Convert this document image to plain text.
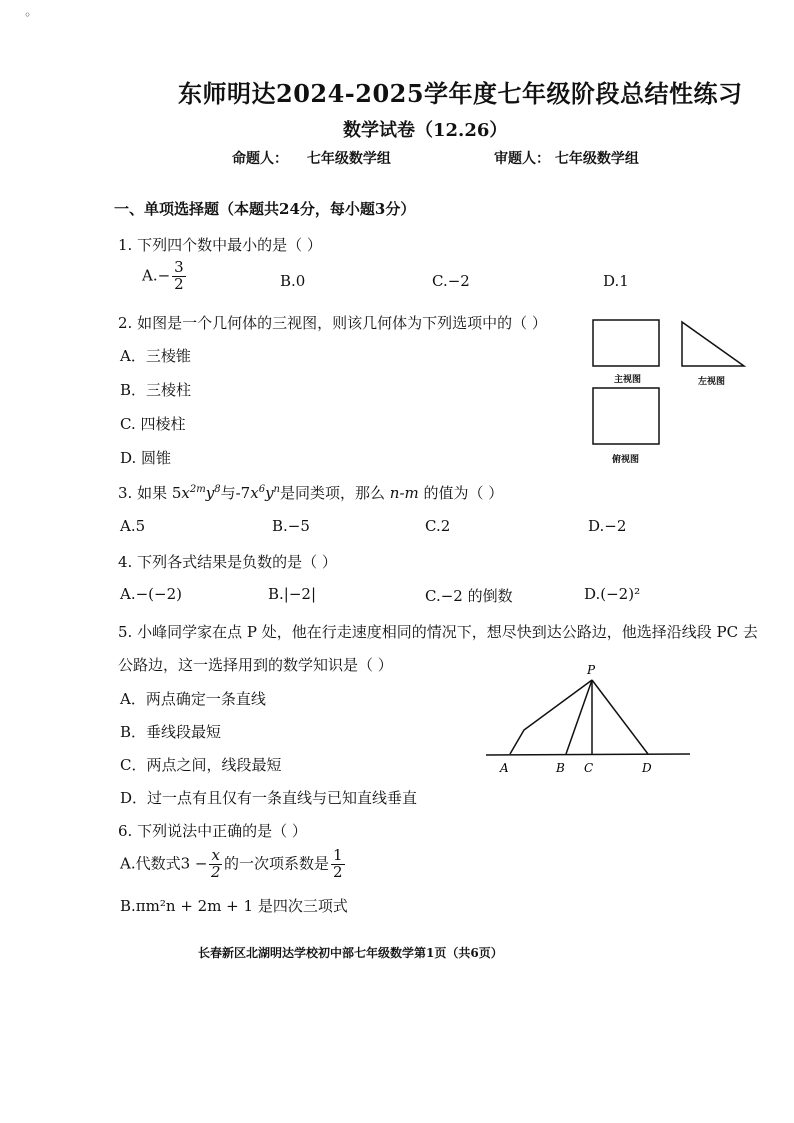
◦
东师明达2024-2025学年度七年级阶段总结性练习
数学试卷（12.26）
命题人： 七年级数学组	审题人： 七年级数学组
一、单项选择题（本题共24分，每小题3分）
1. 下列四个数中最小的是（ ）
$A.- \frac{3}{2}$	B.0	C.−2	D.1
2. 如图是一个几何体的三视图，则该几何体为下列选项中的（ ）
A．三棱锥
B．三棱柱
C. 四棱柱
D. 圆锥
主视图	左视图
俯视图
3. 如果 $5x^{2m}y^8$与$-7x^6y^n$是同类项，那么 n-m 的值为（ ）
A.5	B.−5	C.2	D.−2
4. 下列各式结果是负数的是（ ）
A.−(−2)	B.|−2|	C.−2 的倒数	D.(−2)²
5. 小峰同学家在点 P 处，他在行走速度相同的情况下，想尽快到达公路边，他选择沿线段 PC 去
公路边，这一选择用到的数学知识是（ ）
A．两点确定一条直线
B．垂线段最短
C．两点之间，线段最短
D．过一点有且仅有一条直线与已知直线垂直
P
A	B C	D
6. 下列说法中正确的是（ ）
A.代数式$3 - \frac{x}{2}$ 的一次项系数是 $\frac{1}{2}$
B.πm²n + 2m + 1 是四次三项式
长春新区北湖明达学校初中部七年级数学第1页（共6页）
